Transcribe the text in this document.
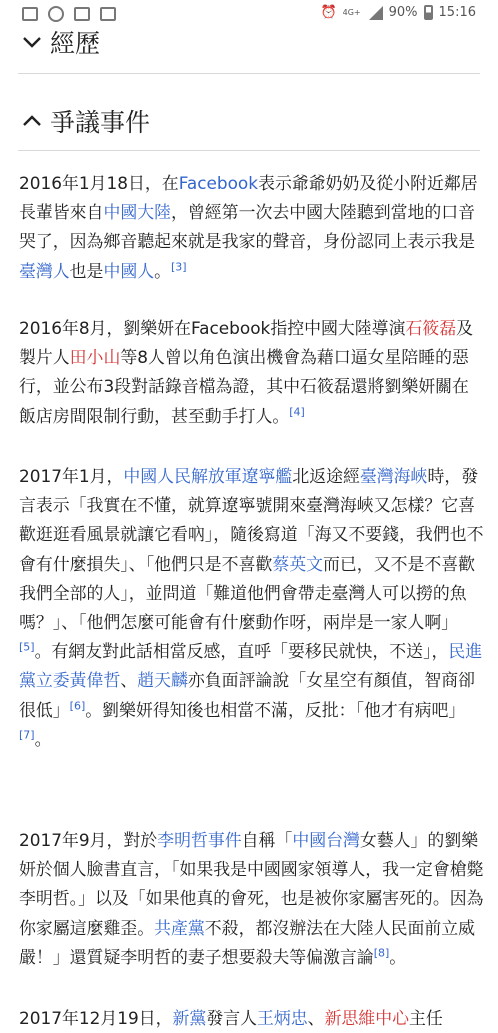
⏰ 4G+ 90% 15:16
經歷
爭議事件

2016年1月18日，在Facebook表示爺爺奶奶及從小附近鄰居長輩皆來自中國大陸，曾經第一次去中國大陸聽到當地的口音哭了，因為鄉音聽起來就是我家的聲音，身份認同上表示我是臺灣人也是中國人。[3]

2016年8月，劉樂妍在Facebook指控中國大陸導演石筱磊及製片人田小山等8人曾以角色演出機會為藉口逼女星陪睡的惡行，並公布3段對話錄音檔為證，其中石筱磊還將劉樂妍關在飯店房間限制行動，甚至動手打人。[4]

2017年1月，中國人民解放軍遼寧艦北返途經臺灣海峽時，發言表示「我實在不懂，就算遼寧號開來臺灣海峽又怎樣？它喜歡逛逛看風景就讓它看吶」，隨後寫道「海又不要錢，我們也不會有什麼損失」、「他們只是不喜歡蔡英文而已，又不是不喜歡我們全部的人」，並問道「難道他們會帶走臺灣人可以撈的魚嗎？」、「他們怎麼可能會有什麼動作呀，兩岸是一家人啊」[5]。有網友對此話相當反感，直呼「要移民就快，不送」，民進黨立委黃偉哲、趙天麟亦負面評論說「女星空有顏值，智商卻很低」[6]。劉樂妍得知後也相當不滿，反批：「他才有病吧」[7]。

2017年9月，對於李明哲事件自稱「中國台灣女藝人」的劉樂妍於個人臉書直言，「如果我是中國國家領導人，我一定會槍斃李明哲。」以及「如果他真的會死，也是被你家屬害死的。因為你家屬這麼雞歪。共產黨不殺，都沒辦法在大陸人民面前立威嚴！」還質疑李明哲的妻子想要殺夫等偏激言論[8]。

2017年12月19日，新黨發言人王炳忠、新思維中心主任
